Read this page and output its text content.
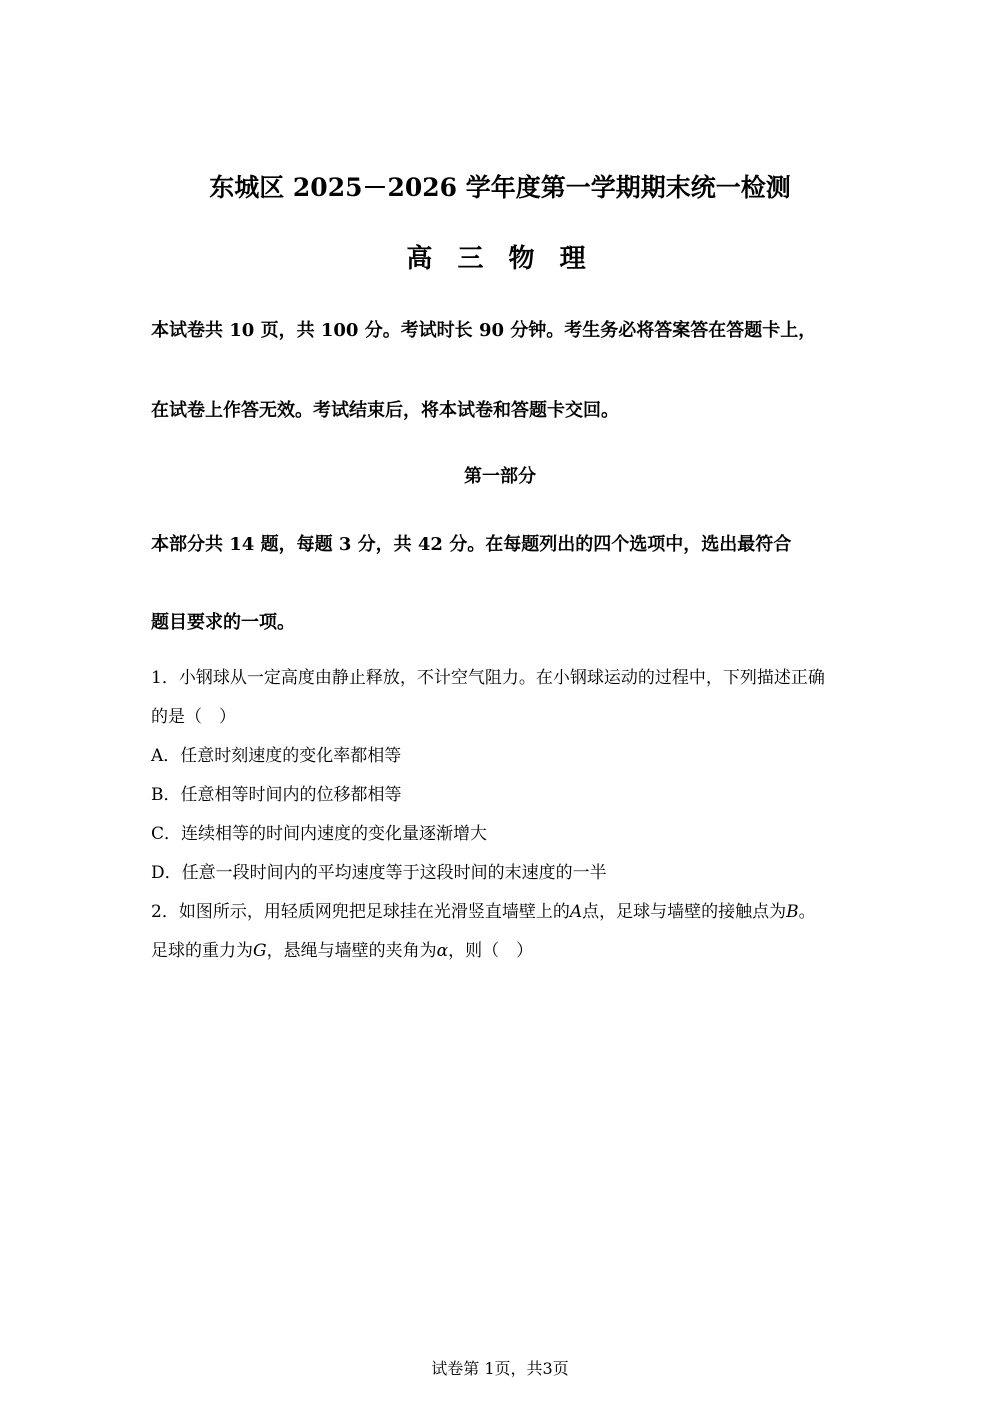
东城区 2025－2026 学年度第一学期期末统一检测
高 三 物 理
本试卷共 10 页，共 100 分。考试时长 90 分钟。考生务必将答案答在答题卡上，
在试卷上作答无效。考试结束后，将本试卷和答题卡交回。
第一部分
本部分共 14 题，每题 3 分，共 42 分。在每题列出的四个选项中，选出最符合
题目要求的一项。
1．小钢球从一定高度由静止释放，不计空气阻力。在小钢球运动的过程中，下列描述正确
的是（　）
A．任意时刻速度的变化率都相等
B．任意相等时间内的位移都相等
C．连续相等的时间内速度的变化量逐渐增大
D．任意一段时间内的平均速度等于这段时间的末速度的一半
2．如图所示，用轻质网兜把足球挂在光滑竖直墙壁上的A点，足球与墙壁的接触点为B。
足球的重力为G，悬绳与墙壁的夹角为α，则（　）
试卷第 1页，共3页
